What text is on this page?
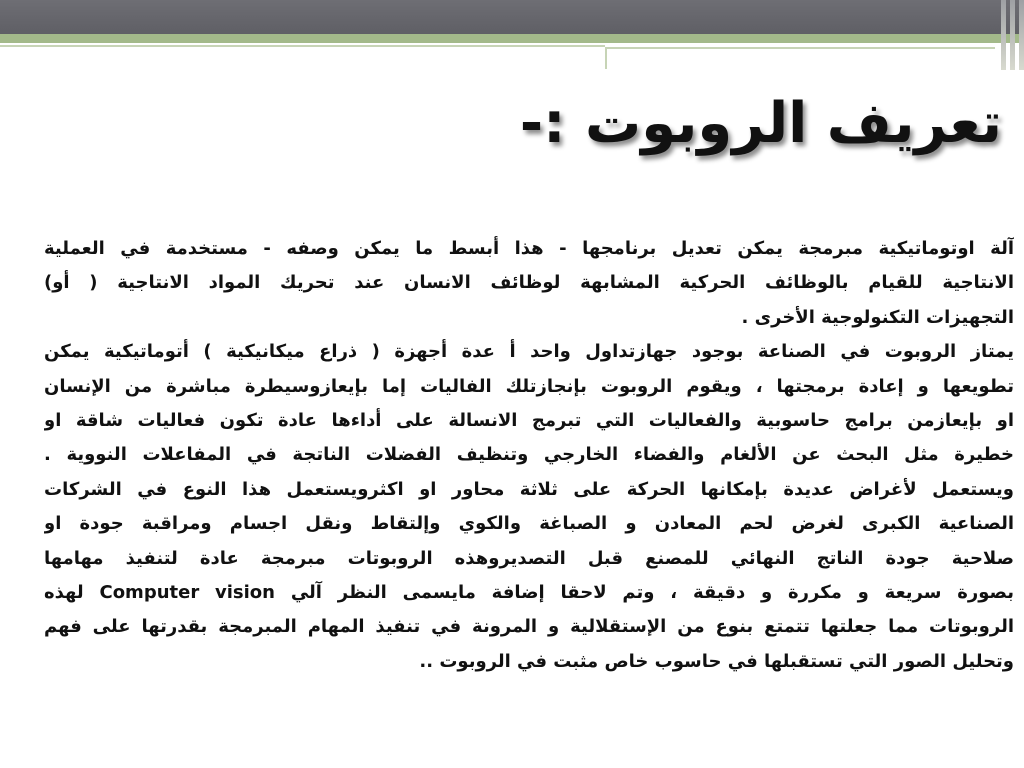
تعريف الروبوت :-
آلة اوتوماتيكية مبرمجة يمكن تعديل برنامجها - هذا أبسط ما يمكن وصفه - مستخدمة في العملية
الانتاجية للقيام بالوظائف الحركية المشابهة لوظائف الانسان عند تحريك المواد الانتاجية ( أو)
التجهيزات التكنولوجية الأخرى .
يمتاز الروبوت في الصناعة بوجود جهازتداول واحد أ عدة أجهزة ( ذراع ميكانيكية ) أتوماتيكية يمكن
تطويعها و إعادة برمجتها ، ويقوم الروبوت بإنجازتلك الفاليات إما بإيعازوسيطرة مباشرة من الإنسان
او بإيعازمن برامج حاسوبية والفعاليات التي تبرمج الانسالة على أداءها عادة تكون فعاليات شاقة او
خطيرة مثل البحث عن الألغام والفضاء الخارجي وتنظيف الفضلات الناتجة في المفاعلات النووية .
ويستعمل لأغراض عديدة بإمكانها الحركة على ثلاثة محاور او اكثرويستعمل هذا النوع في الشركات
الصناعية الكبرى لغرض لحم المعادن و الصباغة والكوي وإلتقاط ونقل اجسام ومراقبة جودة او
صلاحية جودة الناتج النهائي للمصنع قبل التصديروهذه الروبوتات مبرمجة عادة لتنفيذ مهامها
بصورة سريعة و مكررة و دقيقة ، وتم لاحقا إضافة مايسمى النظر آلي Computer vision لهذه
الروبوتات مما جعلتها تتمتع بنوع من الإستقلالية و المرونة في تنفيذ المهام المبرمجة بقدرتها على فهم
وتحليل الصور التي تستقبلها في حاسوب خاص مثبت في الروبوت ..
